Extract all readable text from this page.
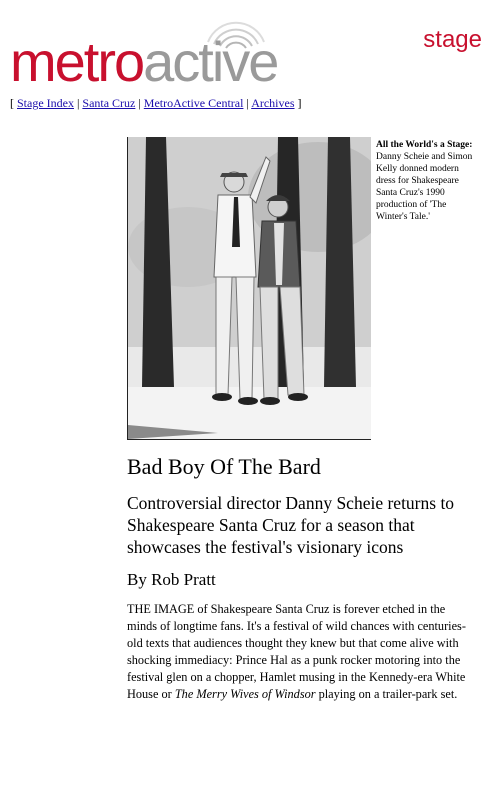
metroactive	stage
[ Stage Index | Santa Cruz | MetroActive Central | Archives ]
All the World's a Stage: Danny Scheie and Simon Kelly donned modern dress for Shakespeare Santa Cruz's 1990 production of 'The Winter's Tale.'
Bad Boy Of The Bard
Controversial director Danny Scheie returns to Shakespeare Santa Cruz for a season that showcases the festival's visionary icons
By Rob Pratt
THE IMAGE of Shakespeare Santa Cruz is forever etched in the minds of longtime fans. It's a festival of wild chances with centuries-old texts that audiences thought they knew but that come alive with shocking immediacy: Prince Hal as a punk rocker motoring into the festival glen on a chopper, Hamlet musing in the Kennedy-era White House or The Merry Wives of Windsor playing on a trailer-park set.
